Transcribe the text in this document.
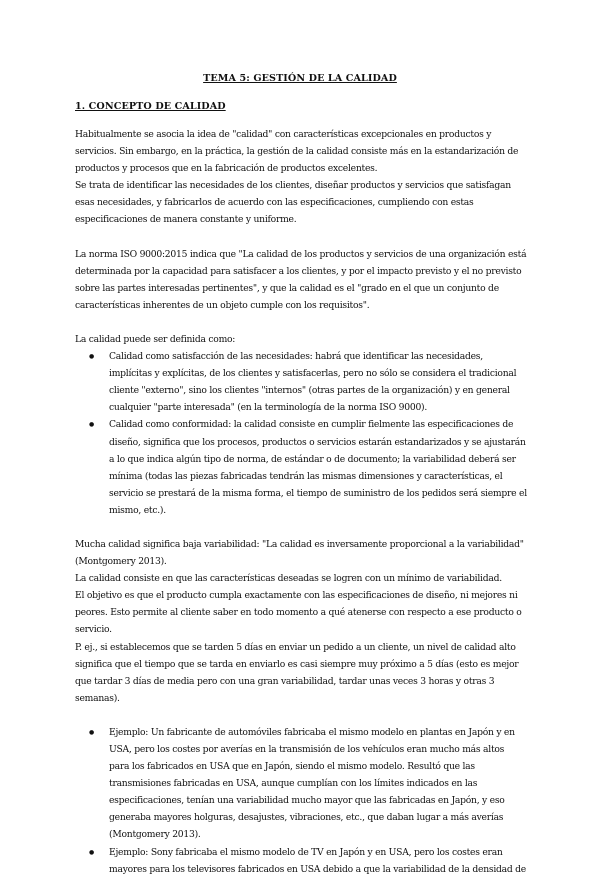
TEMA 5: GESTIÓN DE LA CALIDAD
1. CONCEPTO DE CALIDAD

Habitualmente se asocia la idea de "calidad" con características excepcionales en productos y servicios. Sin embargo, en la práctica, la gestión de la calidad consiste más en la estandarización de productos y procesos que en la fabricación de productos excelentes.

Se trata de identificar las necesidades de los clientes, diseñar productos y servicios que satisfagan esas necesidades, y fabricarlos de acuerdo con las especificaciones, cumpliendo con estas especificaciones de manera constante y uniforme.

La norma ISO 9000:2015 indica que "La calidad de los productos y servicios de una organización está determinada por la capacidad para satisfacer a los clientes, y por el impacto previsto y el no previsto sobre las partes interesadas pertinentes", y que la calidad es el "grado en el que un conjunto de características inherentes de un objeto cumple con los requisitos".

La calidad puede ser definida como:

● Calidad como satisfacción de las necesidades: habrá que identificar las necesidades, implícitas y explícitas, de los clientes y satisfacerlas, pero no sólo se considera el tradicional cliente "externo", sino los clientes "internos" (otras partes de la organización) y en general cualquier "parte interesada" (en la terminología de la norma ISO 9000).
● Calidad como conformidad: la calidad consiste en cumplir fielmente las especificaciones de diseño, significa que los procesos, productos o servicios estarán estandarizados y se ajustarán a lo que indica algún tipo de norma, de estándar o de documento; la variabilidad deberá ser mínima (todas las piezas fabricadas tendrán las mismas dimensiones y características, el servicio se prestará de la misma forma, el tiempo de suministro de los pedidos será siempre el mismo, etc.).

Mucha calidad significa baja variabilidad: "La calidad es inversamente proporcional a la variabilidad" (Montgomery 2013).

La calidad consiste en que las características deseadas se logren con un mínimo de variabilidad.

El objetivo es que el producto cumpla exactamente con las especificaciones de diseño, ni mejores ni peores. Esto permite al cliente saber en todo momento a qué atenerse con respecto a ese producto o servicio.

P. ej., si establecemos que se tarden 5 días en enviar un pedido a un cliente, un nivel de calidad alto significa que el tiempo que se tarda en enviarlo es casi siempre muy próximo a 5 días (esto es mejor que tardar 3 días de media pero con una gran variabilidad, tardar unas veces 3 horas y otras 3 semanas).

● Ejemplo: Un fabricante de automóviles fabricaba el mismo modelo en plantas en Japón y en USA, pero los costes por averías en la transmisión de los vehículos eran mucho más altos para los fabricados en USA que en Japón, siendo el mismo modelo. Resultó que las transmisiones fabricadas en USA, aunque cumplían con los límites indicados en las especificaciones, tenían una variabilidad mucho mayor que las fabricadas en Japón, y eso generaba mayores holguras, desajustes, vibraciones, etc., que daban lugar a más averías (Montgomery 2013).
● Ejemplo: Sony fabricaba el mismo modelo de TV en Japón y en USA, pero los costes eran mayores para los televisores fabricados en USA debido a que la variabilidad de la densidad de
